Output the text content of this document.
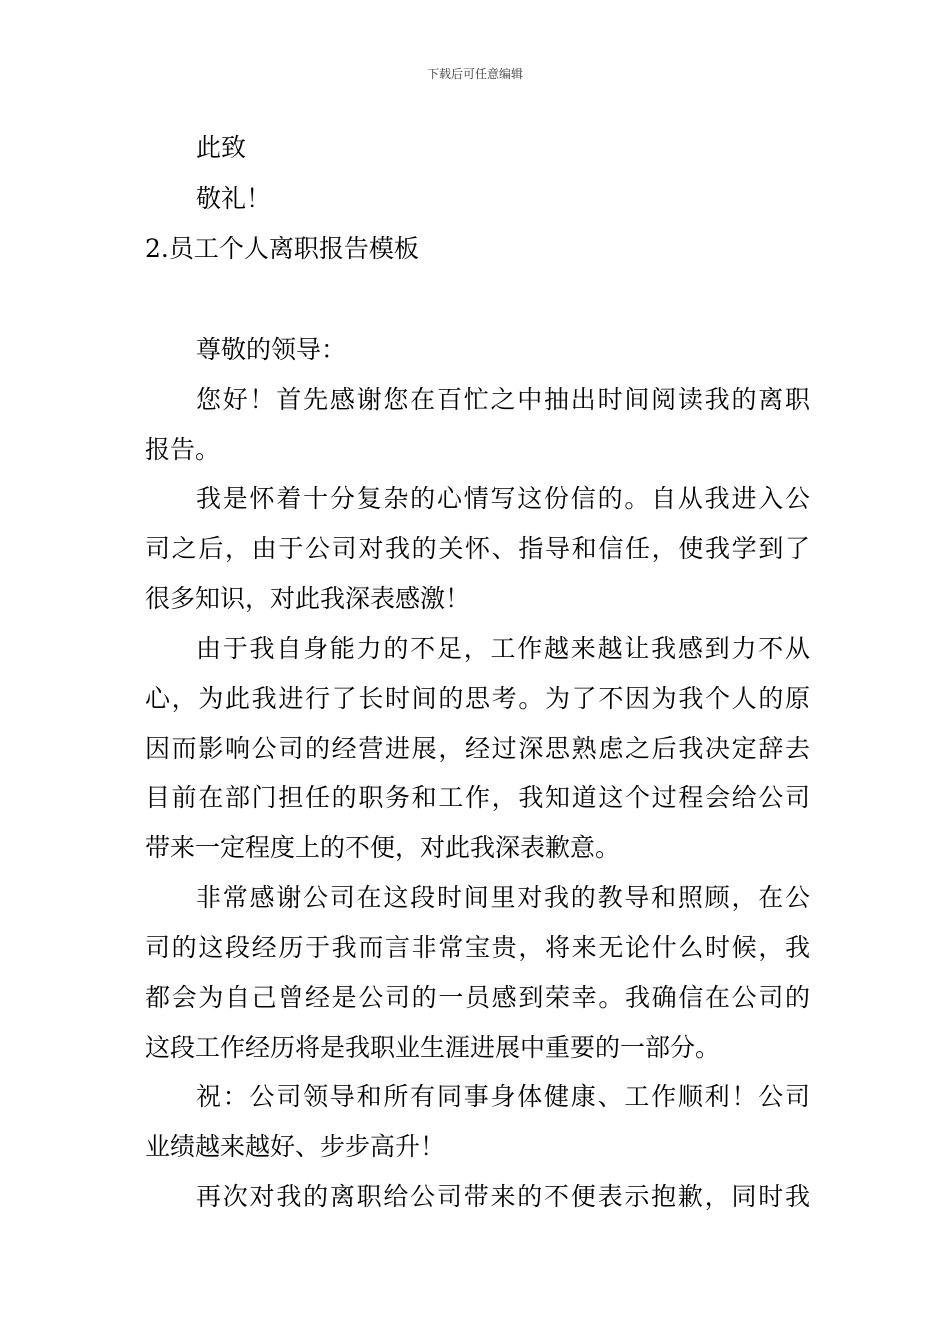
下载后可任意编辑
此致
敬礼！
2.员工个人离职报告模板
尊敬的领导：
您好！首先感谢您在百忙之中抽出时间阅读我的离职
报告。
我是怀着十分复杂的心情写这份信的。自从我进入公
司之后，由于公司对我的关怀、指导和信任，使我学到了
很多知识，对此我深表感激！
由于我自身能力的不足，工作越来越让我感到力不从
心，为此我进行了长时间的思考。为了不因为我个人的原
因而影响公司的经营进展，经过深思熟虑之后我决定辞去
目前在部门担任的职务和工作，我知道这个过程会给公司
带来一定程度上的不便，对此我深表歉意。
非常感谢公司在这段时间里对我的教导和照顾，在公
司的这段经历于我而言非常宝贵，将来无论什么时候，我
都会为自己曾经是公司的一员感到荣幸。我确信在公司的
这段工作经历将是我职业生涯进展中重要的一部分。
祝：公司领导和所有同事身体健康、工作顺利！公司
业绩越来越好、步步高升！
再次对我的离职给公司带来的不便表示抱歉，同时我
